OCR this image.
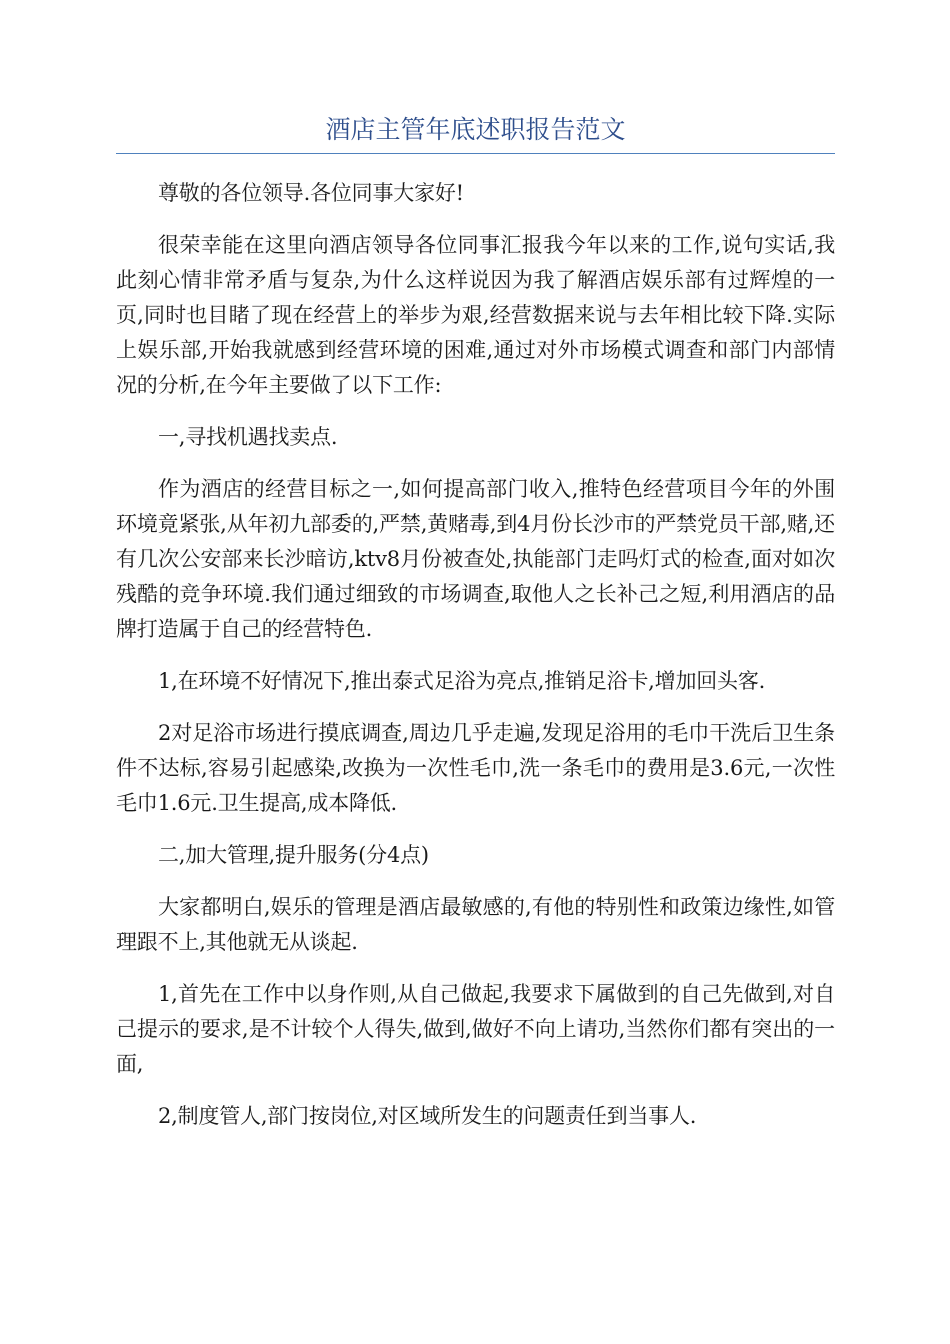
酒店主管年底述职报告范文

尊敬的各位领导.各位同事大家好!

很荣幸能在这里向酒店领导各位同事汇报我今年以来的工作,说句实话,我此刻心情非常矛盾与复杂,为什么这样说因为我了解酒店娱乐部有过辉煌的一页,同时也目睹了现在经营上的举步为艰,经营数据来说与去年相比较下降.实际上娱乐部,开始我就感到经营环境的困难,通过对外市场模式调查和部门内部情况的分析,在今年主要做了以下工作:

一,寻找机遇找卖点.

作为酒店的经营目标之一,如何提高部门收入,推特色经营项目今年的外围环境竟紧张,从年初九部委的,严禁,黄赌毒,到4月份长沙市的严禁党员干部,赌,还有几次公安部来长沙暗访,ktv8月份被查处,执能部门走吗灯式的检查,面对如次残酷的竞争环境.我们通过细致的市场调查,取他人之长补己之短,利用酒店的品牌打造属于自己的经营特色.

1,在环境不好情况下,推出泰式足浴为亮点,推销足浴卡,增加回头客.

2对足浴市场进行摸底调查,周边几乎走遍,发现足浴用的毛巾干洗后卫生条件不达标,容易引起感染,改换为一次性毛巾,洗一条毛巾的费用是3.6元,一次性毛巾1.6元.卫生提高,成本降低.

二,加大管理,提升服务(分4点)

大家都明白,娱乐的管理是酒店最敏感的,有他的特别性和政策边缘性,如管理跟不上,其他就无从谈起.

1,首先在工作中以身作则,从自己做起,我要求下属做到的自己先做到,对自己提示的要求,是不计较个人得失,做到,做好不向上请功,当然你们都有突出的一面,

2,制度管人,部门按岗位,对区域所发生的问题责任到当事人.
